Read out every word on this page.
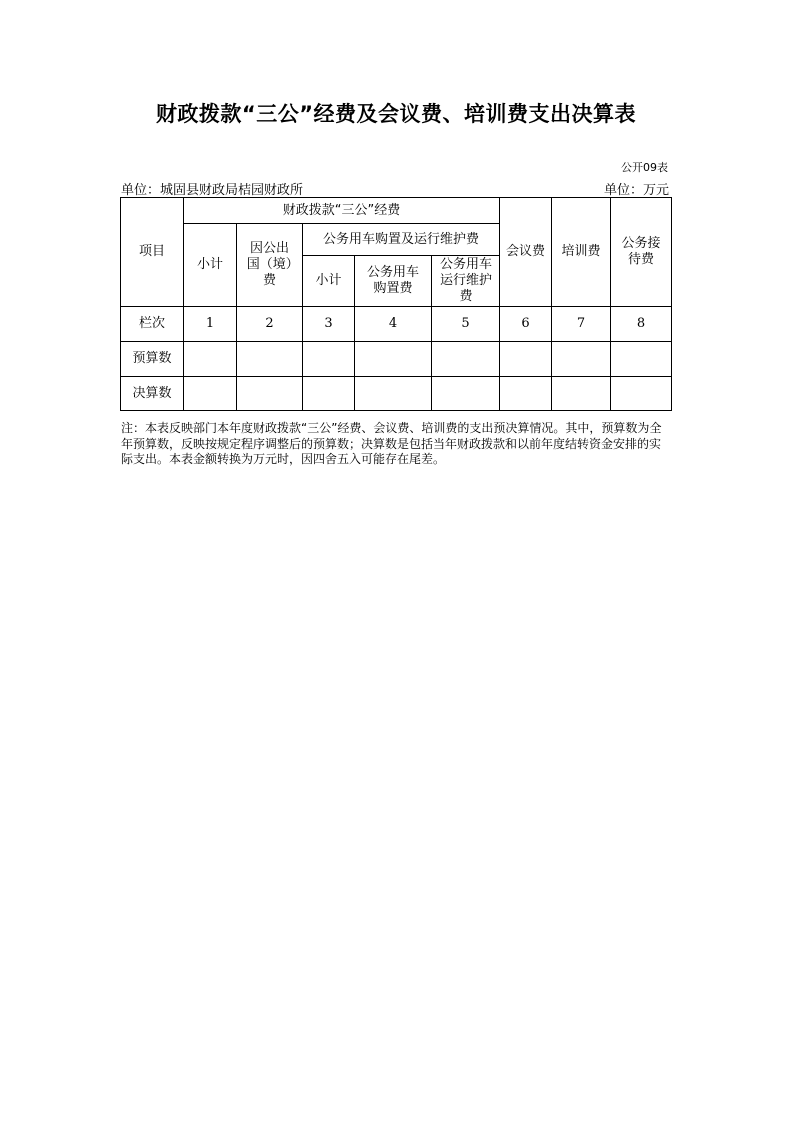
财政拨款“三公”经费及会议费、培训费支出决算表
公开09表
单位：城固县财政局桔园财政所	单位：万元
项目	财政拨款“三公”经费					会议费	培训费	公务接待费

	小计	因公出国（境）费	公务用车购置及运行维护费					
			小计	公务用车购置费	公务用车运行维护费			

栏次	1	2	3	4	5	6	7	8
预算数								
决算数								
注：本表反映部门本年度财政拨款“三公”经费、会议费、培训费的支出预决算情况。其中，预算数为全年预算数，反映按规定程序调整后的预算数；决算数是包括当年财政拨款和以前年度结转资金安排的实际支出。本表金额转换为万元时，因四舍五入可能存在尾差。
